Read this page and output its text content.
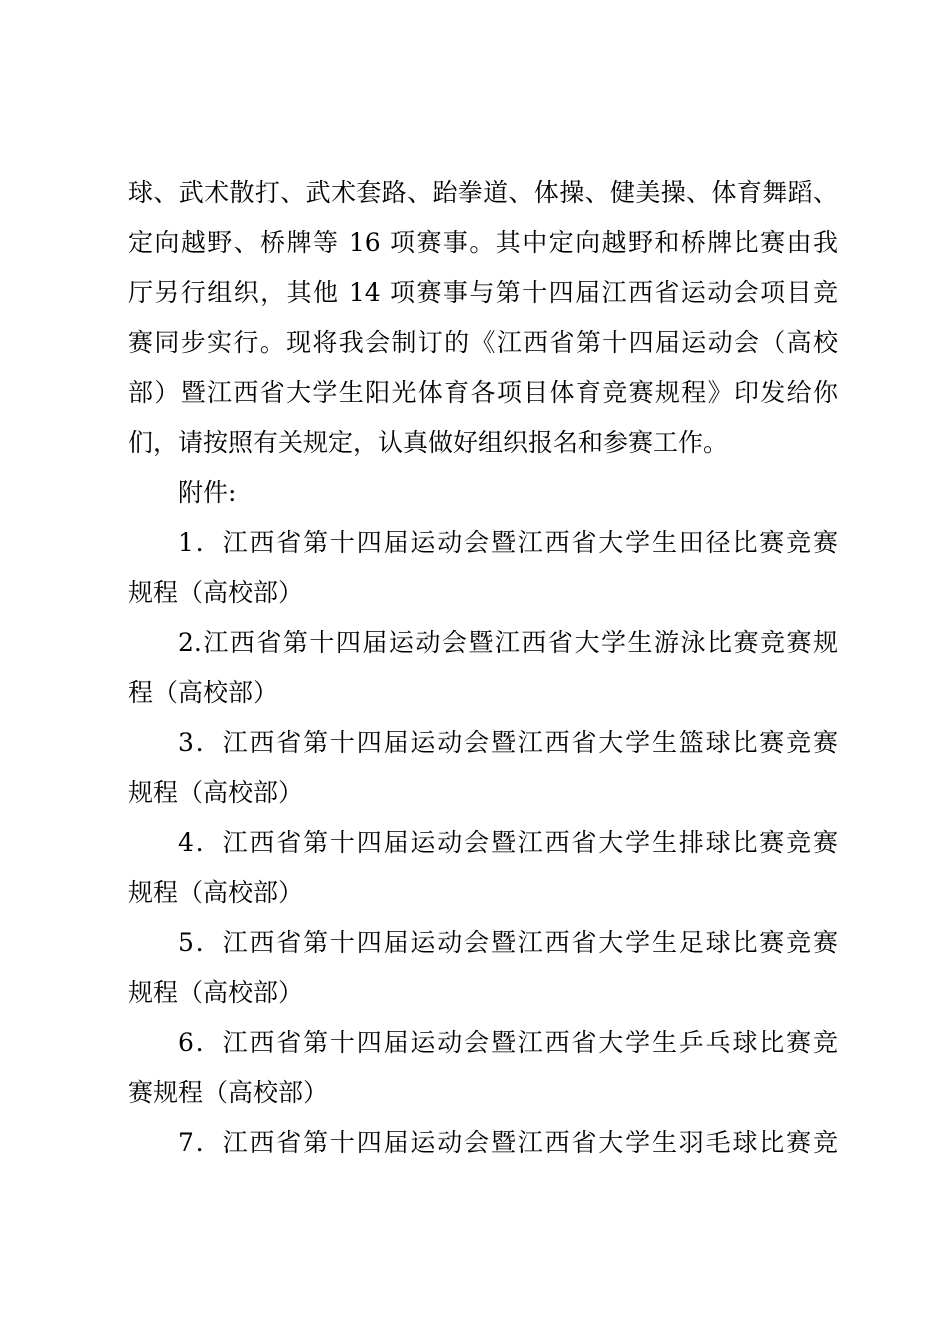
球、武术散打、武术套路、跆拳道、体操、健美操、体育舞蹈、
定向越野、桥牌等 16 项赛事。其中定向越野和桥牌比赛由我
厅另行组织，其他 14 项赛事与第十四届江西省运动会项目竞
赛同步实行。现将我会制订的《江西省第十四届运动会（高校
部）暨江西省大学生阳光体育各项目体育竞赛规程》印发给你
们，请按照有关规定，认真做好组织报名和参赛工作。
附件:
1．江西省第十四届运动会暨江西省大学生田径比赛竞赛
规程（高校部）
2.江西省第十四届运动会暨江西省大学生游泳比赛竞赛规
程（高校部）
3．江西省第十四届运动会暨江西省大学生篮球比赛竞赛
规程（高校部）
4．江西省第十四届运动会暨江西省大学生排球比赛竞赛
规程（高校部）
5．江西省第十四届运动会暨江西省大学生足球比赛竞赛
规程（高校部）
6．江西省第十四届运动会暨江西省大学生乒乓球比赛竞
赛规程（高校部）
7．江西省第十四届运动会暨江西省大学生羽毛球比赛竞
